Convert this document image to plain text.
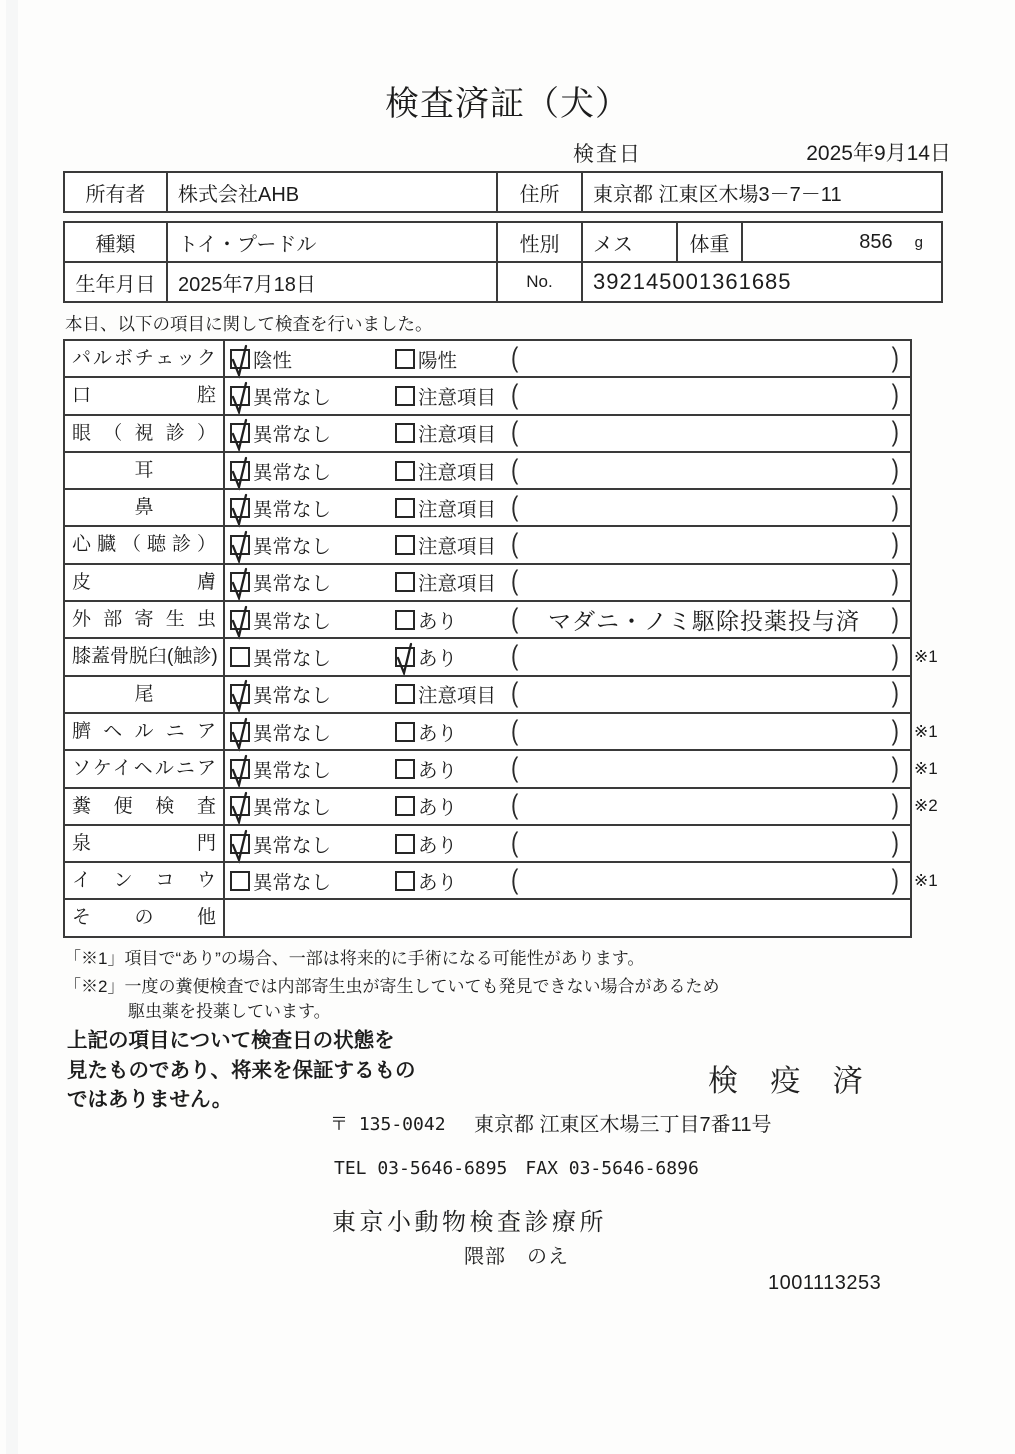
検査済証（犬）
検査日	2025年9月14日
所有者	株式会社AHB	住所	東京都 江東区木場3－7－11
種類	トイ・プードル	性別	メス	体重	856 g
生年月日	2025年7月18日	No.	392145001361685
本日、以下の項目に関して検査を行いました。
パルボチェック	陰性	陽性 (	)
口腔	異常なし	注意項目 (	)
眼（視診）	異常なし	注意項目 (	)
耳	異常なし	注意項目 (	)
鼻	異常なし	注意項目 (	)
心臓（聴診）	異常なし	注意項目 (	)
皮膚	異常なし	注意項目 (	)
外部寄生虫	異常なし	あり (	マダニ・ノミ駆除投薬投与済	)
膝蓋骨脱臼(触診)	異常なし	あり (	) ※1
尾	異常なし	注意項目 (	)
臍ヘルニア	異常なし	あり (	) ※1
ソケイヘルニア	異常なし	あり (	) ※1
糞便検査	異常なし	あり (	) ※2
泉門	異常なし	あり (	)
インコウ	異常なし	あり (	) ※1
その他
「※1」項目で“あり”の場合、一部は将来的に手術になる可能性があります。
「※2」一度の糞便検査では内部寄生虫が寄生していても発見できない場合があるため
駆虫薬を投薬しています。
上記の項目について検査日の状態を
見たものであり、将来を保証するもの
ではありません。
検 疫 済
〒 135-0042 東京都 江東区木場三丁目7番11号
TEL 03-5646-6895 FAX 03-5646-6896
東京小動物検査診療所
隈部　のえ
1001113253
